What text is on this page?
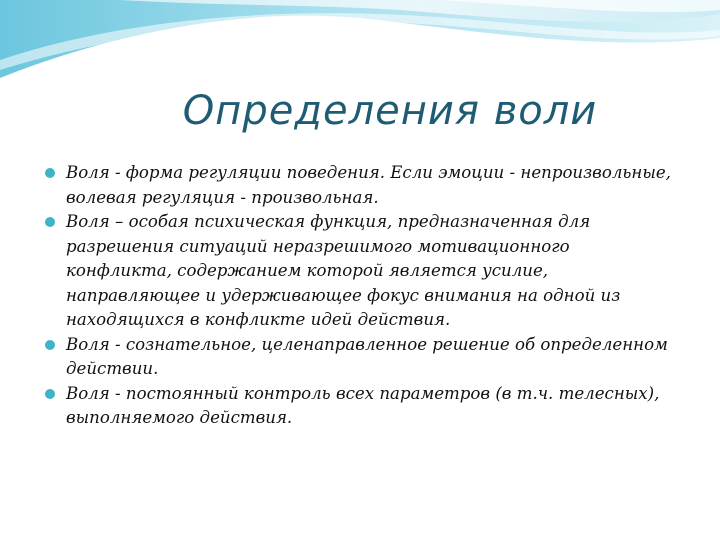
Определения воли
Воля - форма регуляции поведения. Если эмоции - непроизвольные, волевая регуляция - произвольная.
Воля – особая психическая функция, предназначенная для разрешения ситуаций неразрешимого мотивационного конфликта, содержанием которой является усилие, направляющее и удерживающее фокус внимания на одной из находящихся в конфликте идей действия.
Воля - сознательное, целенаправленное решение об определенном действии.
Воля - постоянный контроль всех параметров (в т.ч. телесных), выполняемого действия.
